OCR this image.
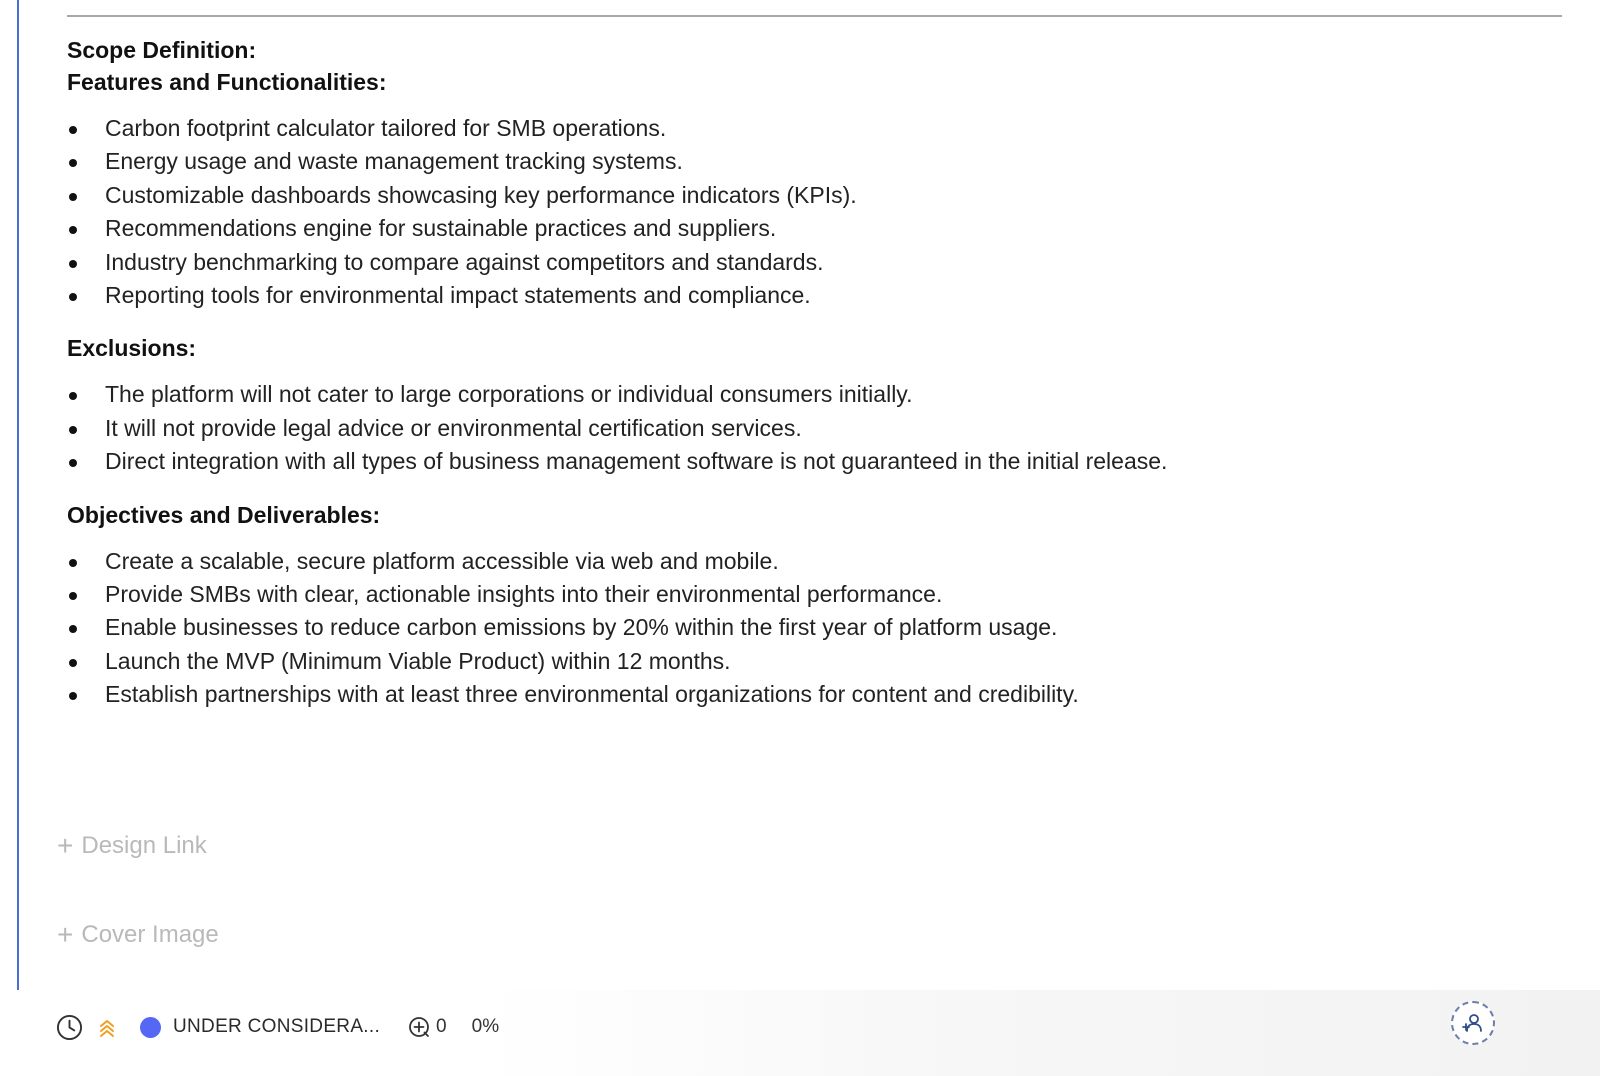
Scope Definition:

Features and Functionalities:

Carbon footprint calculator tailored for SMB operations.
Energy usage and waste management tracking systems.
Customizable dashboards showcasing key performance indicators (KPIs).
Recommendations engine for sustainable practices and suppliers.
Industry benchmarking to compare against competitors and standards.
Reporting tools for environmental impact statements and compliance.

Exclusions:

The platform will not cater to large corporations or individual consumers initially.
It will not provide legal advice or environmental certification services.
Direct integration with all types of business management software is not guaranteed in the initial release.

Objectives and Deliverables:

Create a scalable, secure platform accessible via web and mobile.
Provide SMBs with clear, actionable insights into their environmental performance.
Enable businesses to reduce carbon emissions by 20% within the first year of platform usage.
Launch the MVP (Minimum Viable Product) within 12 months.
Establish partnerships with at least three environmental organizations for content and credibility.
+ Design Link
+ Cover Image
UNDER CONSIDERA...	0 0%
